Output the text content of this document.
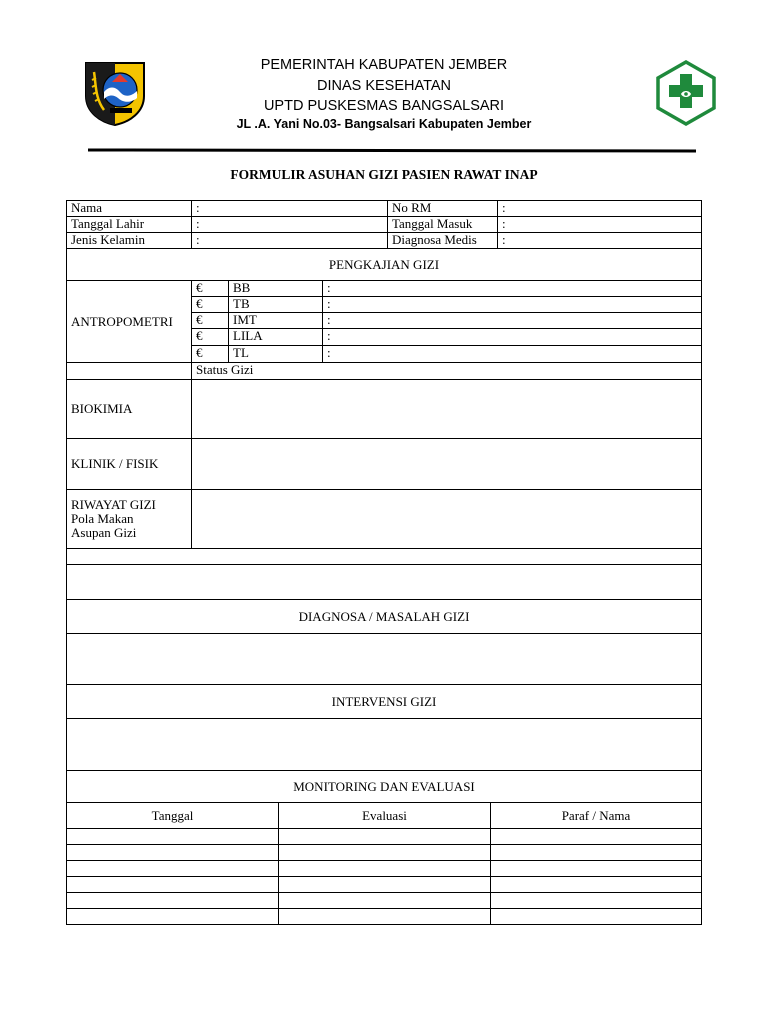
PEMERINTAH KABUPATEN JEMBER
DINAS KESEHATAN
UPTD PUSKESMAS BANGSALSARI
JL .A. Yani No.03- Bangsalsari Kabupaten Jember
FORMULIR ASUHAN GIZI PASIEN RAWAT INAP
Nama	:	No RM	:
Tanggal Lahir	:	Tanggal Masuk	:
Jenis Kelamin	:	Diagnosa Medis	:
PENGKAJIAN GIZI			
ANTROPOMETRI	€	BB	:
	€	TB	:
	€	IMT	:
	€	LILA	:
	€	TL	:
	Status Gizi		
BIOKIMIA			
KLINIK / FISIK			

RIWAYAT GIZI
Pola Makan
Asupan Gizi			

DIAGNOSA / MASALAH GIZI			

INTERVENSI GIZI			

MONITORING DAN EVALUASI			
Tanggal	Evaluasi	Paraf / Nama
